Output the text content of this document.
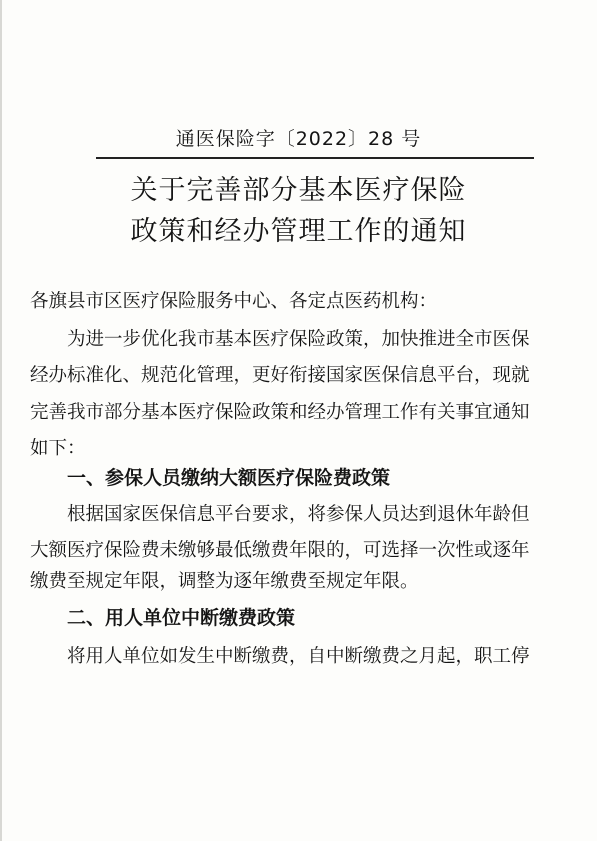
通医保险字〔2022〕28 号
关于完善部分基本医疗保险
政策和经办管理工作的通知
各旗县市区医疗保险服务中心、各定点医药机构：
为进一步优化我市基本医疗保险政策，加快推进全市医保
经办标准化、规范化管理，更好衔接国家医保信息平台，现就
完善我市部分基本医疗保险政策和经办管理工作有关事宜通知
如下：
一、参保人员缴纳大额医疗保险费政策
根据国家医保信息平台要求，将参保人员达到退休年龄但
大额医疗保险费未缴够最低缴费年限的，可选择一次性或逐年
缴费至规定年限，调整为逐年缴费至规定年限。
二、用人单位中断缴费政策
将用人单位如发生中断缴费，自中断缴费之月起，职工停
